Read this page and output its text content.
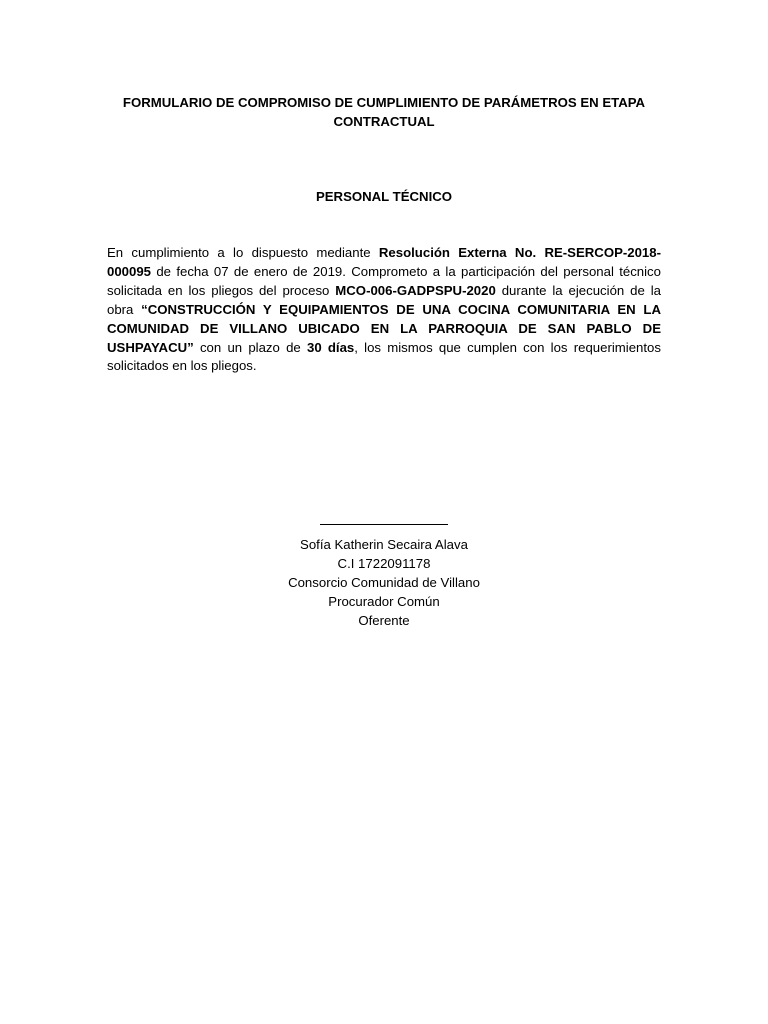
FORMULARIO DE COMPROMISO DE CUMPLIMIENTO DE PARÁMETROS EN ETAPA
CONTRACTUAL
PERSONAL TÉCNICO

En cumplimiento a lo dispuesto mediante Resolución Externa No. RE-SERCOP-2018-000095 de fecha 07 de enero de 2019. Comprometo a la participación del personal técnico solicitada en los pliegos del proceso MCO-006-GADPSPU-2020 durante la ejecución de la obra “CONSTRUCCIÓN Y EQUIPAMIENTOS DE UNA COCINA COMUNITARIA EN LA COMUNIDAD DE VILLANO UBICADO EN LA PARROQUIA DE SAN PABLO DE USHPAYACU” con un plazo de 30 días, los mismos que cumplen con los requerimientos solicitados en los pliegos.

Sofía Katherin Secaira Alava
C.I 1722091178
Consorcio Comunidad de Villano
Procurador Común
Oferente
